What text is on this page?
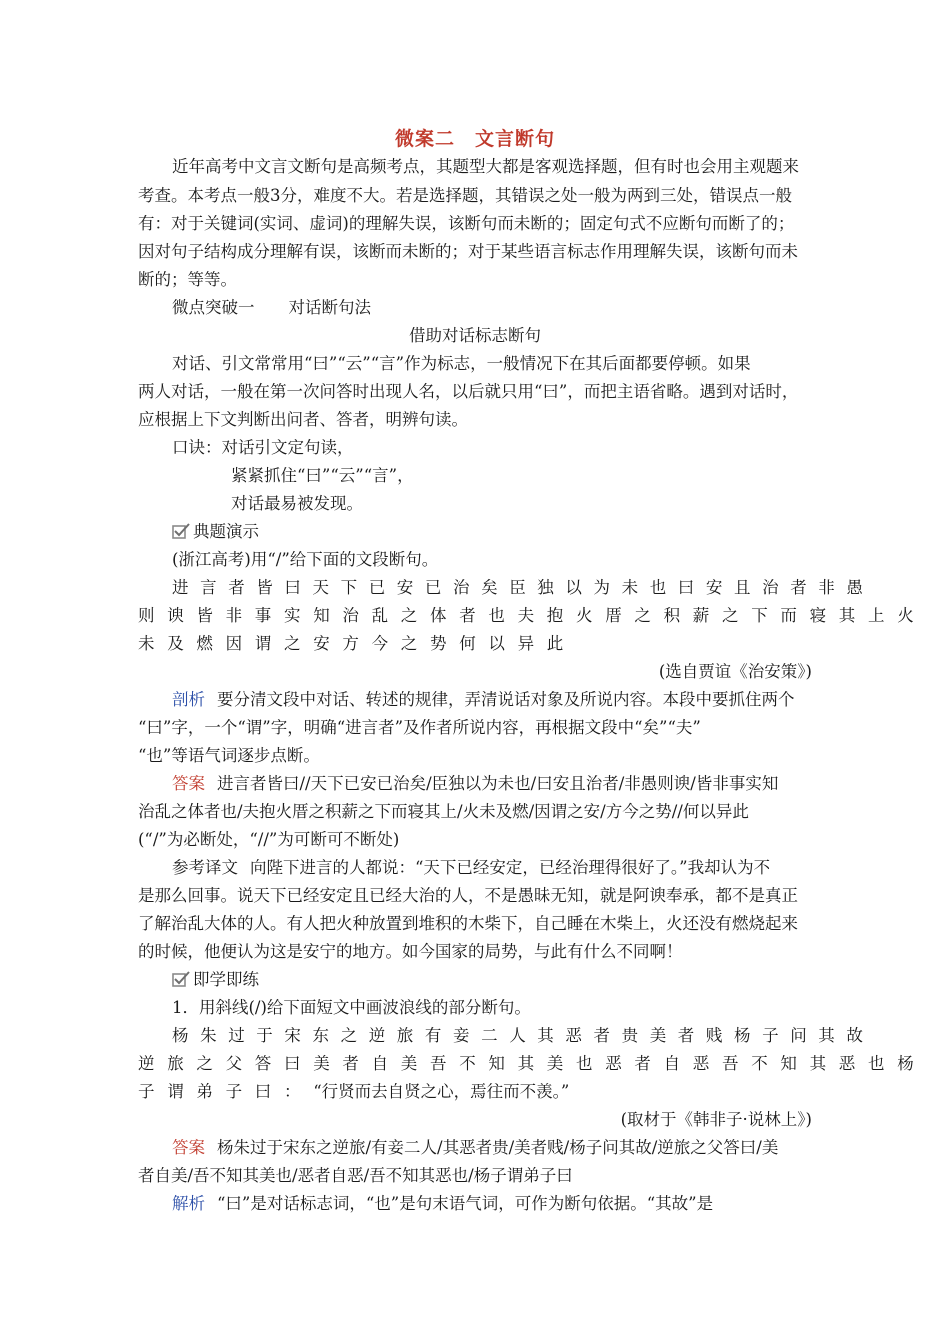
微案二　文言断句
近年高考中文言文断句是高频考点，其题型大都是客观选择题，但有时也会用主观题来
考查。本考点一般3分，难度不大。若是选择题，其错误之处一般为两到三处，错误点一般
有：对于关键词(实词、虚词)的理解失误，该断句而未断的；固定句式不应断句而断了的；
因对句子结构成分理解有误，该断而未断的；对于某些语言标志作用理解失误，该断句而未
断的；等等。
微点突破一 对话断句法
借助对话标志断句
对话、引文常常用“曰”“云”“言”作为标志，一般情况下在其后面都要停顿。如果
两人对话，一般在第一次问答时出现人名，以后就只用“曰”，而把主语省略。遇到对话时，
应根据上下文判断出问者、答者，明辨句读。
口诀：对话引文定句读，
紧紧抓住“曰”“云”“言”，
对话最易被发现。
典题演示
(浙江高考)用“/”给下面的文段断句。
进言者皆曰天下已安已治矣臣独以为未也曰安且治者非愚
则谀皆非事实知治乱之体者也夫抱火厝之积薪之下而寝其上火
未及燃因谓之安方今之势何以异此
(选自贾谊《治安策》)
剖析 要分清文段中对话、转述的规律，弄清说话对象及所说内容。本段中要抓住两个
“曰”字，一个“谓”字，明确“进言者”及作者所说内容，再根据文段中“矣”“夫”
“也”等语气词逐步点断。
答案 进言者皆曰//天下已安已治矣/臣独以为未也/曰安且治者/非愚则谀/皆非事实知
治乱之体者也/夫抱火厝之积薪之下而寝其上/火未及燃/因谓之安/方今之势//何以异此
(“/”为必断处，“//”为可断可不断处)
参考译文 向陛下进言的人都说：“天下已经安定，已经治理得很好了。”我却认为不
是那么回事。说天下已经安定且已经大治的人，不是愚昧无知，就是阿谀奉承，都不是真正
了解治乱大体的人。有人把火种放置到堆积的木柴下，自己睡在木柴上，火还没有燃烧起来
的时候，他便认为这是安宁的地方。如今国家的局势，与此有什么不同啊！
即学即练
1．用斜线(/)给下面短文中画波浪线的部分断句。
杨朱过于宋东之逆旅有妾二人其恶者贵美者贱杨子问其故
逆旅之父答曰美者自美吾不知其美也恶者自恶吾不知其恶也杨
子谓弟子曰：“行贤而去自贤之心，焉往而不羡。”
(取材于《韩非子·说林上》)
答案 杨朱过于宋东之逆旅/有妾二人/其恶者贵/美者贱/杨子问其故/逆旅之父答曰/美
者自美/吾不知其美也/恶者自恶/吾不知其恶也/杨子谓弟子曰
解析 “曰”是对话标志词，“也”是句末语气词，可作为断句依据。“其故”是
